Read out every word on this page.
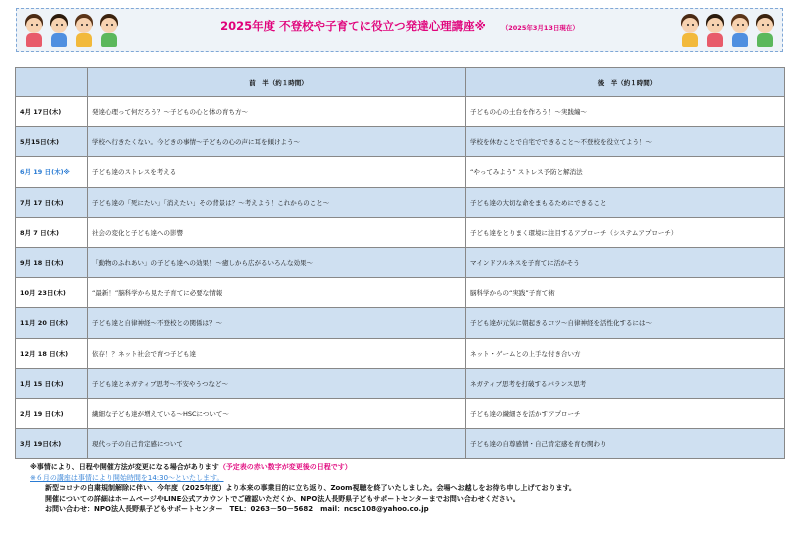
2025年度 不登校や子育てに役立つ発達心理講座※ （2025年3月13日現在）
	前　半（約１時間）	後　半（約１時間）
4月 17日(木)	発達心理って何だろう？～子どもの心と体の育ち方～	子どもの心の土台を作ろう！～実践編～
5月15日(木)	学校へ行きたくない。今どきの事情～子どもの心の声に耳を傾けよう～	学校を休むことで自宅でできること～不登校を役立てよう！～
6月 19 日(木)※	子ども達のストレスを考える	“やってみよう” ストレス予防と解消法
7月 17 日(木)	子ども達の「死にたい」「消えたい」その背景は？～考えよう！これからのこと～	子ども達の大切な命をまもるためにできること
8月 7 日(木)	社会の変化と子ども達への影響	子ども達をとりまく環境に注目するアプローチ（システムアプローチ）
9月 18 日(木)	「動物のふれあい」の子ども達への効果！～癒しから広がるいろんな効果～	マインドフルネスを子育てに活かそう
10月 23日(木)	“最新！”脳科学から見た子育てに必要な情報	脳科学からの“実践”子育て術
11月 20 日(木)	子ども達と自律神経～不登校との関係は？～	子ども達が元気に朝起きるコツ～自律神経を活性化するには～
12月 18 日(木)	依存！？ネット社会で育つ子ども達	ネット・ゲームとの上手な付き合い方
1月 15 日(木)	子ども達とネガティブ思考～不安やうつなど～	ネガティブ思考を打破するバランス思考
2月 19 日(木)	繊細な子ども達が増えている～HSCについて～	子ども達の繊細さを活かすアプローチ
3月 19日(木)	現代っ子の自己肯定感について	子ども達の自尊感情・自己肯定感を育む関わり
※事情により、日程や開催方法が変更になる場合があります（予定表の赤い数字が変更後の日程です）
※６月の講座は事情により開始時間を14:30～といたします。
新型コロナの自粛規制解除に伴い、今年度（2025年度）より本来の事業目的に立ち返り、Zoom視聴を終了いたしました。会場へお越しをお待ち申し上げております。
開催についての詳細はホームページやLINE公式アカウントでご確認いただくか、NPO法人長野県子どもサポートセンターまでお問い合わせください。
お問い合わせ：NPO法人長野県子どもサポートセンター　TEL：0263－50－5682　mail：ncsc108@yahoo.co.jp
